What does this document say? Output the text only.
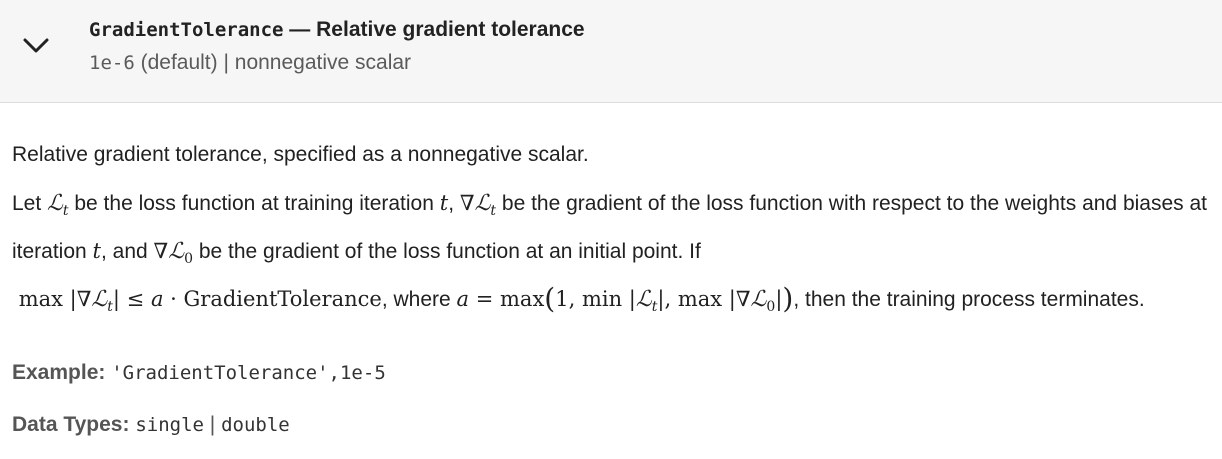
GradientTolerance — Relative gradient tolerance
1e-6 (default) | nonnegative scalar

Relative gradient tolerance, specified as a nonnegative scalar.

Let ℒ$_t$ be the loss function at training iteration t, ∇ℒ$_t$ be the gradient of the loss function with respect to the weights and biases at iteration t, and ∇ℒ$_0$ be the gradient of the loss function at an initial point. If
max |∇ℒ$_t$| ≤ a · GradientTolerance, where a = max(1, min |ℒ$_t$|, max |∇ℒ$_0$|), then the training process terminates.

Example: 'GradientTolerance',1e-5
Data Types: single | double
